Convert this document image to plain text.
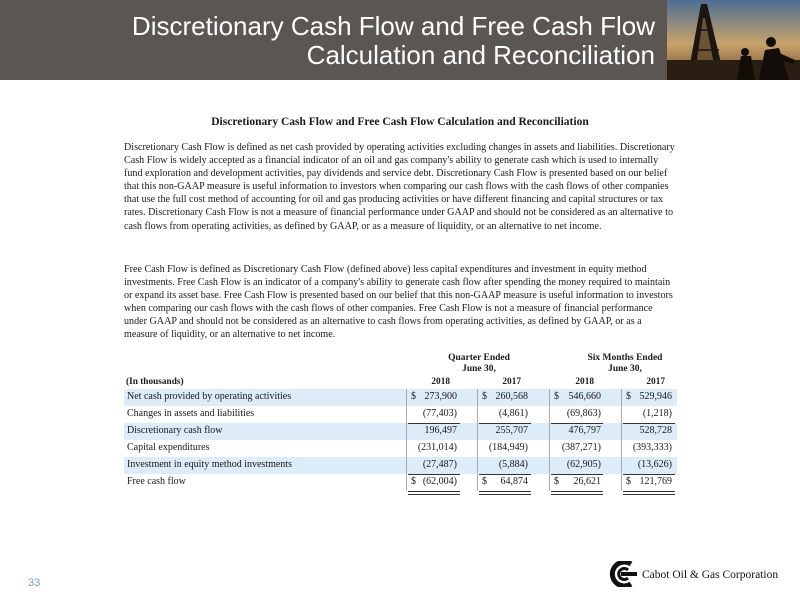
Discretionary Cash Flow and Free Cash Flow
Calculation and Reconciliation
Discretionary Cash Flow and Free Cash Flow Calculation and Reconciliation

Discretionary Cash Flow is defined as net cash provided by operating activities excluding changes in assets and liabilities. Discretionary Cash Flow is widely accepted as a financial indicator of an oil and gas company's ability to generate cash which is used to internally fund exploration and development activities, pay dividends and service debt. Discretionary Cash Flow is presented based on our belief that this non-GAAP measure is useful information to investors when comparing our cash flows with the cash flows of other companies that use the full cost method of accounting for oil and gas producing activities or have different financing and capital structures or tax rates. Discretionary Cash Flow is not a measure of financial performance under GAAP and should not be considered as an alternative to cash flows from operating activities, as defined by GAAP, or as a measure of liquidity, or an alternative to net income.

Free Cash Flow is defined as Discretionary Cash Flow (defined above) less capital expenditures and investment in equity method investments. Free Cash Flow is an indicator of a company's ability to generate cash flow after spending the money required to maintain or expand its asset base. Free Cash Flow is presented based on our belief that this non-GAAP measure is useful information to investors when comparing our cash flows with the cash flows of other companies. Free Cash Flow is not a measure of financial performance under GAAP and should not be considered as an alternative to cash flows from operating activities, as defined by GAAP, or as a measure of liquidity, or an alternative to net income.

Quarter Ended
June 30,
Six Months Ended
June 30,
(In thousands)	2018	2017	2018	2017
Net cash provided by operating activities	$ 273,900	$ 260,568	$ 546,660	$ 529,946
Changes in assets and liabilities	(77,403)	(4,861)	(69,863)	(1,218)
Discretionary cash flow	196,497	255,707	476,797	528,728
Capital expenditures	(231,014)	(184,949)	(387,271)	(393,333)
Investment in equity method investments	(27,487)	(5,884)	(62,905)	(13,626)
Free cash flow	$ (62,004)	$ 64,874	$ 26,621	$ 121,769
33
Cabot Oil & Gas Corporation
